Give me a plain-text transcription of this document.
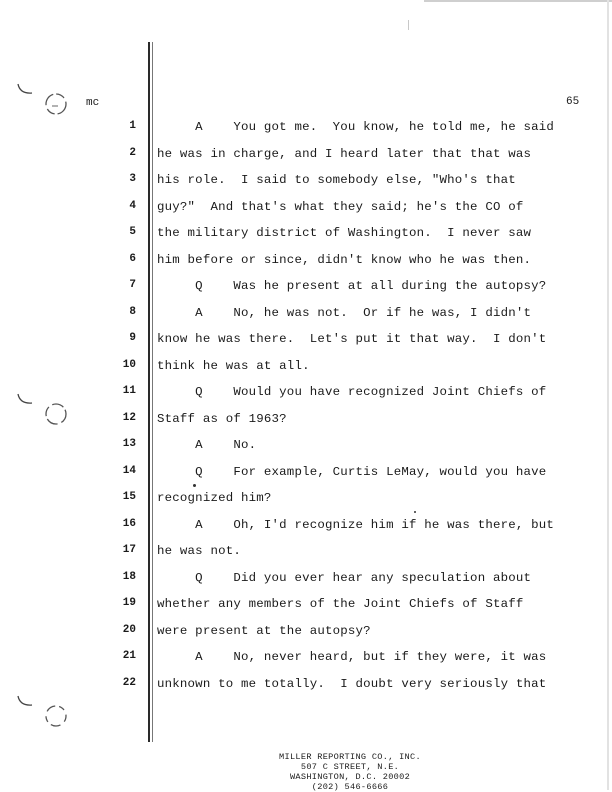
mc	65
1 A    You got me.  You know, he told me, he said
2 he was in charge, and I heard later that that was
3 his role.  I said to somebody else, "Who's that
4 guy?"  And that's what they said; he's the CO of
5 the military district of Washington.  I never saw
6 him before or since, didn't know who he was then.
7 Q    Was he present at all during the autopsy?
8 A    No, he was not.  Or if he was, I didn't
9 know he was there.  Let's put it that way.  I don't
10 think he was at all.
11 Q    Would you have recognized Joint Chiefs of
12 Staff as of 1963?
13 A    No.
14 Q    For example, Curtis LeMay, would you have
15 recognized him?
16 A    Oh, I'd recognize him if he was there, but
17 he was not.
18 Q    Did you ever hear any speculation about
19 whether any members of the Joint Chiefs of Staff
20 were present at the autopsy?
21 A    No, never heard, but if they were, it was
22 unknown to me totally.  I doubt very seriously that
MILLER REPORTING CO., INC.
507 C STREET, N.E.
WASHINGTON, D.C. 20002
(202) 546-6666
